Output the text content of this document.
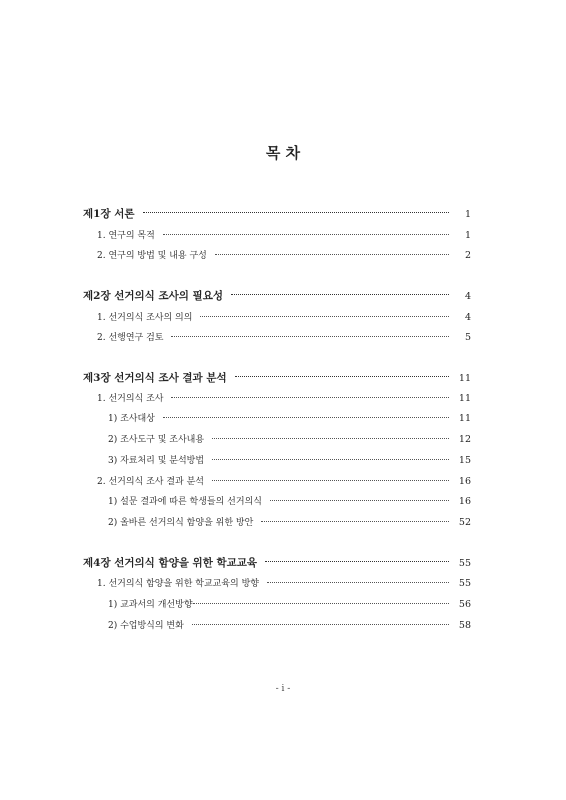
목 차
제1장 서론	1
1. 연구의 목적	1
2. 연구의 방법 및 내용 구성	2
제2장 선거의식 조사의 필요성	4
1. 선거의식 조사의 의의	4
2. 선행연구 검토	5
제3장 선거의식 조사 결과 분석	11
1. 선거의식 조사	11
1) 조사대상	11
2) 조사도구 및 조사내용	12
3) 자료처리 및 분석방법	15
2. 선거의식 조사 결과 분석	16
1) 설문 결과에 따른 학생들의 선거의식	16
2) 올바른 선거의식 함양을 위한 방안	52
제4장 선거의식 함양을 위한 학교교육	55
1. 선거의식 함양을 위한 학교교육의 방향	55
1) 교과서의 개선방향	56
2) 수업방식의 변화	58
- i -
